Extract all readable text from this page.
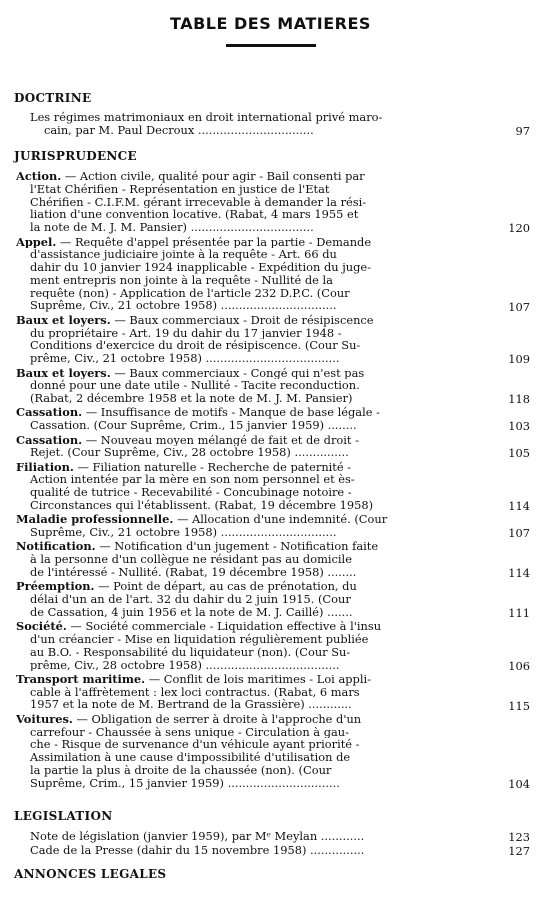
TABLE DES MATIERES
DOCTRINE
Les régimes matrimoniaux en droit international privé maro-
cain, par M. Paul Decroux ................................	97
JURISPRUDENCE
Action. — Action civile, qualité pour agir - Bail consenti par
l'Etat Chérifien - Représentation en justice de l'Etat
Chérifien - C.I.F.M. gérant irrecevable à demander la rési-
liation d'une convention locative. (Rabat, 4 mars 1955 et
la note de M. J. M. Pansier) ..................................	120
Appel. — Requête d'appel présentée par la partie - Demande
d'assistance judiciaire jointe à la requête - Art. 66 du
dahir du 10 janvier 1924 inapplicable - Expédition du juge-
ment entrepris non jointe à la requête - Nullité de la
requête (non) - Application de l'article 232 D.P.C. (Cour
Suprême, Civ., 21 octobre 1958) ................................	107
Baux et loyers. — Baux commerciaux - Droit de résipiscence
du propriétaire - Art. 19 du dahir du 17 janvier 1948 -
Conditions d'exercice du droit de résipiscence. (Cour Su-
prême, Civ., 21 octobre 1958) .....................................	109
Baux et loyers. — Baux commerciaux - Congé qui n'est pas
donné pour une date utile - Nullité - Tacite reconduction.
(Rabat, 2 décembre 1958 et la note de M. J. M. Pansier)	118
Cassation. — Insuffisance de motifs - Manque de base légale -
Cassation. (Cour Suprême, Crim., 15 janvier 1959) ........	103
Cassation. — Nouveau moyen mélangé de fait et de droit -
Rejet. (Cour Suprême, Civ., 28 octobre 1958) ...............	105
Filiation. — Filiation naturelle - Recherche de paternité -
Action intentée par la mère en son nom personnel et ès-
qualité de tutrice - Recevabilité - Concubinage notoire -
Circonstances qui l'établissent. (Rabat, 19 décembre 1958)	114
Maladie professionnelle. — Allocation d'une indemnité. (Cour
Suprême, Civ., 21 octobre 1958) ................................	107
Notification. — Notification d'un jugement - Notification faite
à la personne d'un collègue ne résidant pas au domicile
de l'intéressé - Nullité. (Rabat, 19 décembre 1958) ........	114
Préemption. — Point de départ, au cas de prénotation, du
délai d'un an de l'art. 32 du dahir du 2 juin 1915. (Cour
de Cassation, 4 juin 1956 et la note de M. J. Caillé) .......	111
Société. — Société commerciale - Liquidation effective à l'insu
d'un créancier - Mise en liquidation régulièrement publiée
au B.O. - Responsabilité du liquidateur (non). (Cour Su-
prême, Civ., 28 octobre 1958) .....................................	106
Transport maritime. — Conflit de lois maritimes - Loi appli-
cable à l'affrètement : lex loci contractus. (Rabat, 6 mars
1957 et la note de M. Bertrand de la Grassière) ............	115
Voitures. — Obligation de serrer à droite à l'approche d'un
carrefour - Chaussée à sens unique - Circulation à gau-
che - Risque de survenance d'un véhicule ayant priorité -
Assimilation à une cause d'impossibilité d'utilisation de
la partie la plus à droite de la chaussée (non). (Cour
Suprême, Crim., 15 janvier 1959) ...............................	104
LEGISLATION
Note de législation (janvier 1959), par Mᵉ Meylan ............	123
Cade de la Presse (dahir du 15 novembre 1958) ...............	127
ANNONCES LEGALES
